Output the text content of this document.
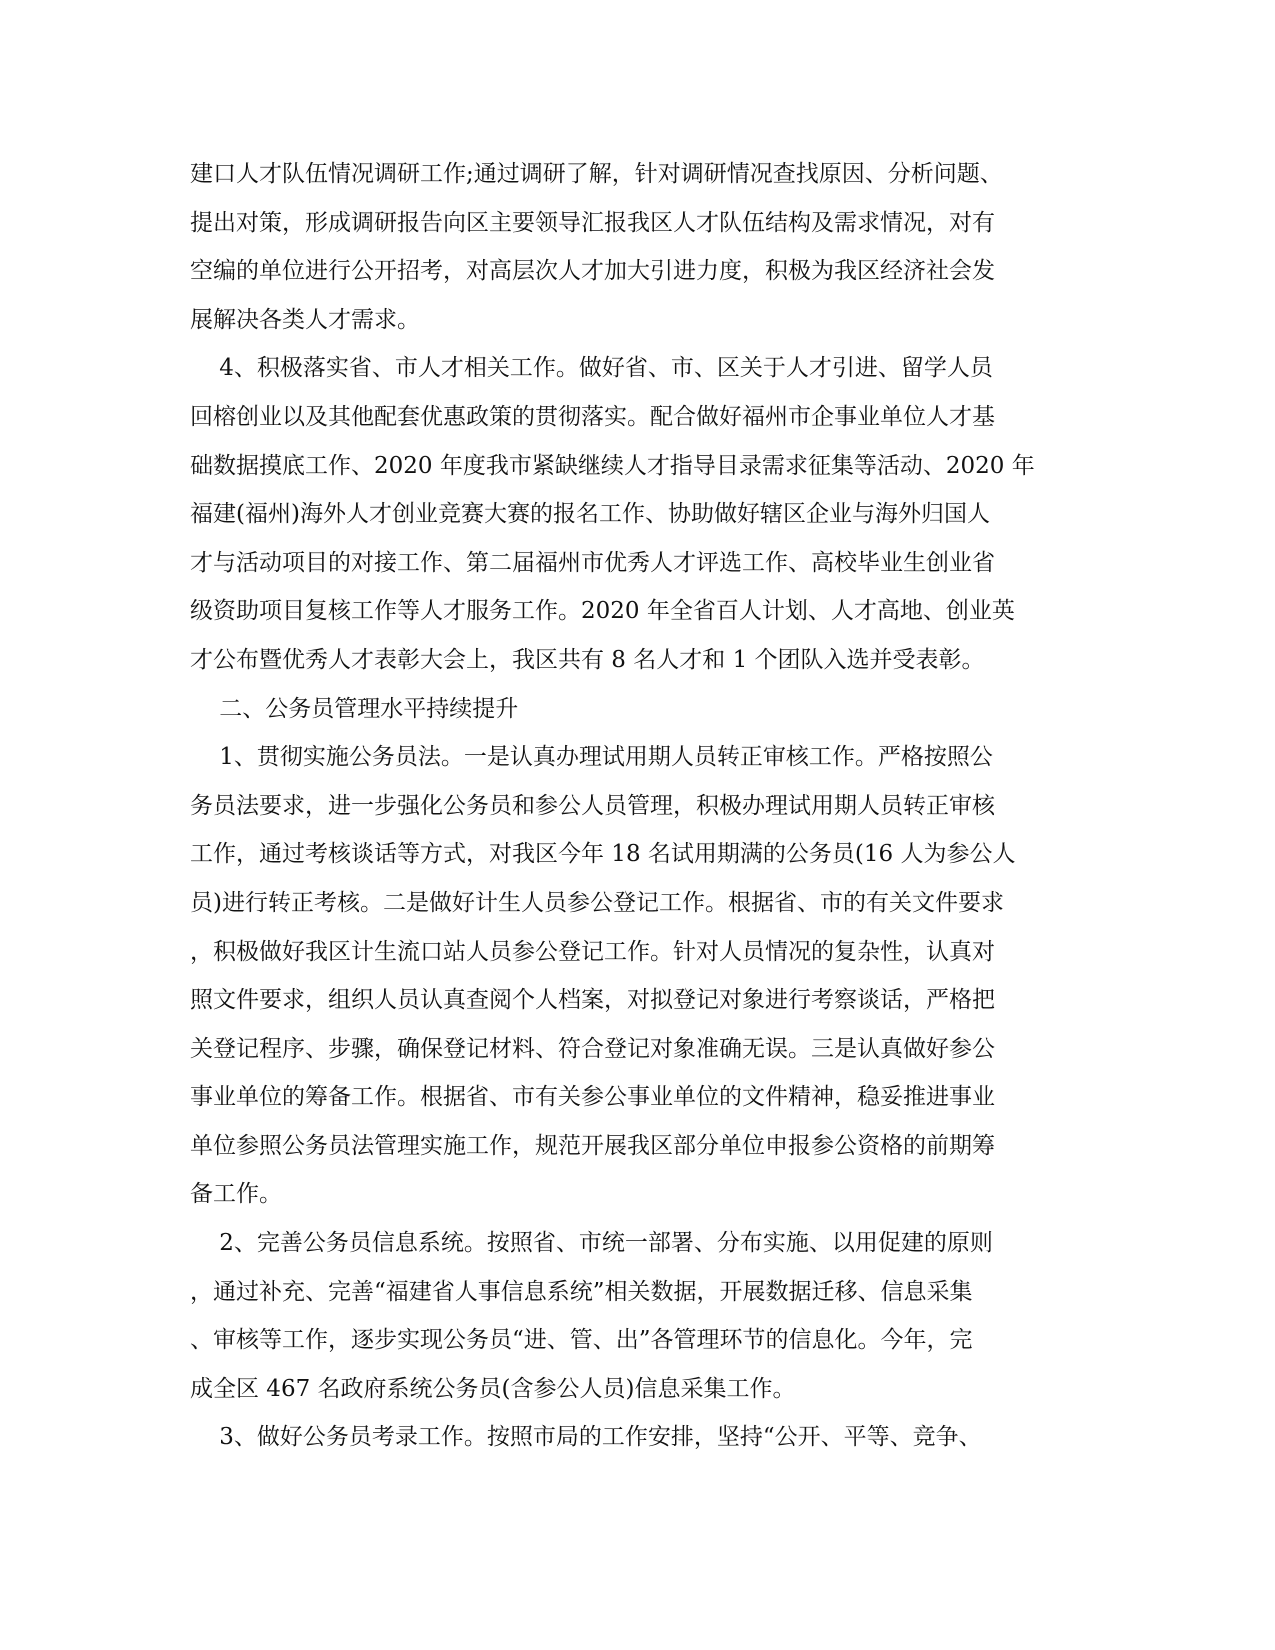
建口人才队伍情况调研工作;通过调研了解，针对调研情况查找原因、分析问题、
提出对策，形成调研报告向区主要领导汇报我区人才队伍结构及需求情况，对有
空编的单位进行公开招考，对高层次人才加大引进力度，积极为我区经济社会发
展解决各类人才需求。

4、积极落实省、市人才相关工作。做好省、市、区关于人才引进、留学人员
回榕创业以及其他配套优惠政策的贯彻落实。配合做好福州市企事业单位人才基
础数据摸底工作、2020 年度我市紧缺继续人才指导目录需求征集等活动、2020 年
福建(福州)海外人才创业竞赛大赛的报名工作、协助做好辖区企业与海外归国人
才与活动项目的对接工作、第二届福州市优秀人才评选工作、高校毕业生创业省
级资助项目复核工作等人才服务工作。2020 年全省百人计划、人才高地、创业英
才公布暨优秀人才表彰大会上，我区共有 8 名人才和 1 个团队入选并受表彰。

二、公务员管理水平持续提升

1、贯彻实施公务员法。一是认真办理试用期人员转正审核工作。严格按照公
务员法要求，进一步强化公务员和参公人员管理，积极办理试用期人员转正审核
工作，通过考核谈话等方式，对我区今年 18 名试用期满的公务员(16 人为参公人
员)进行转正考核。二是做好计生人员参公登记工作。根据省、市的有关文件要求
，积极做好我区计生流口站人员参公登记工作。针对人员情况的复杂性，认真对
照文件要求，组织人员认真查阅个人档案，对拟登记对象进行考察谈话，严格把
关登记程序、步骤，确保登记材料、符合登记对象准确无误。三是认真做好参公
事业单位的筹备工作。根据省、市有关参公事业单位的文件精神，稳妥推进事业
单位参照公务员法管理实施工作，规范开展我区部分单位申报参公资格的前期筹
备工作。

2、完善公务员信息系统。按照省、市统一部署、分布实施、以用促建的原则
，通过补充、完善“福建省人事信息系统”相关数据，开展数据迁移、信息采集
、审核等工作，逐步实现公务员“进、管、出”各管理环节的信息化。今年，完
成全区 467 名政府系统公务员(含参公人员)信息采集工作。

3、做好公务员考录工作。按照市局的工作安排，坚持“公开、平等、竞争、
